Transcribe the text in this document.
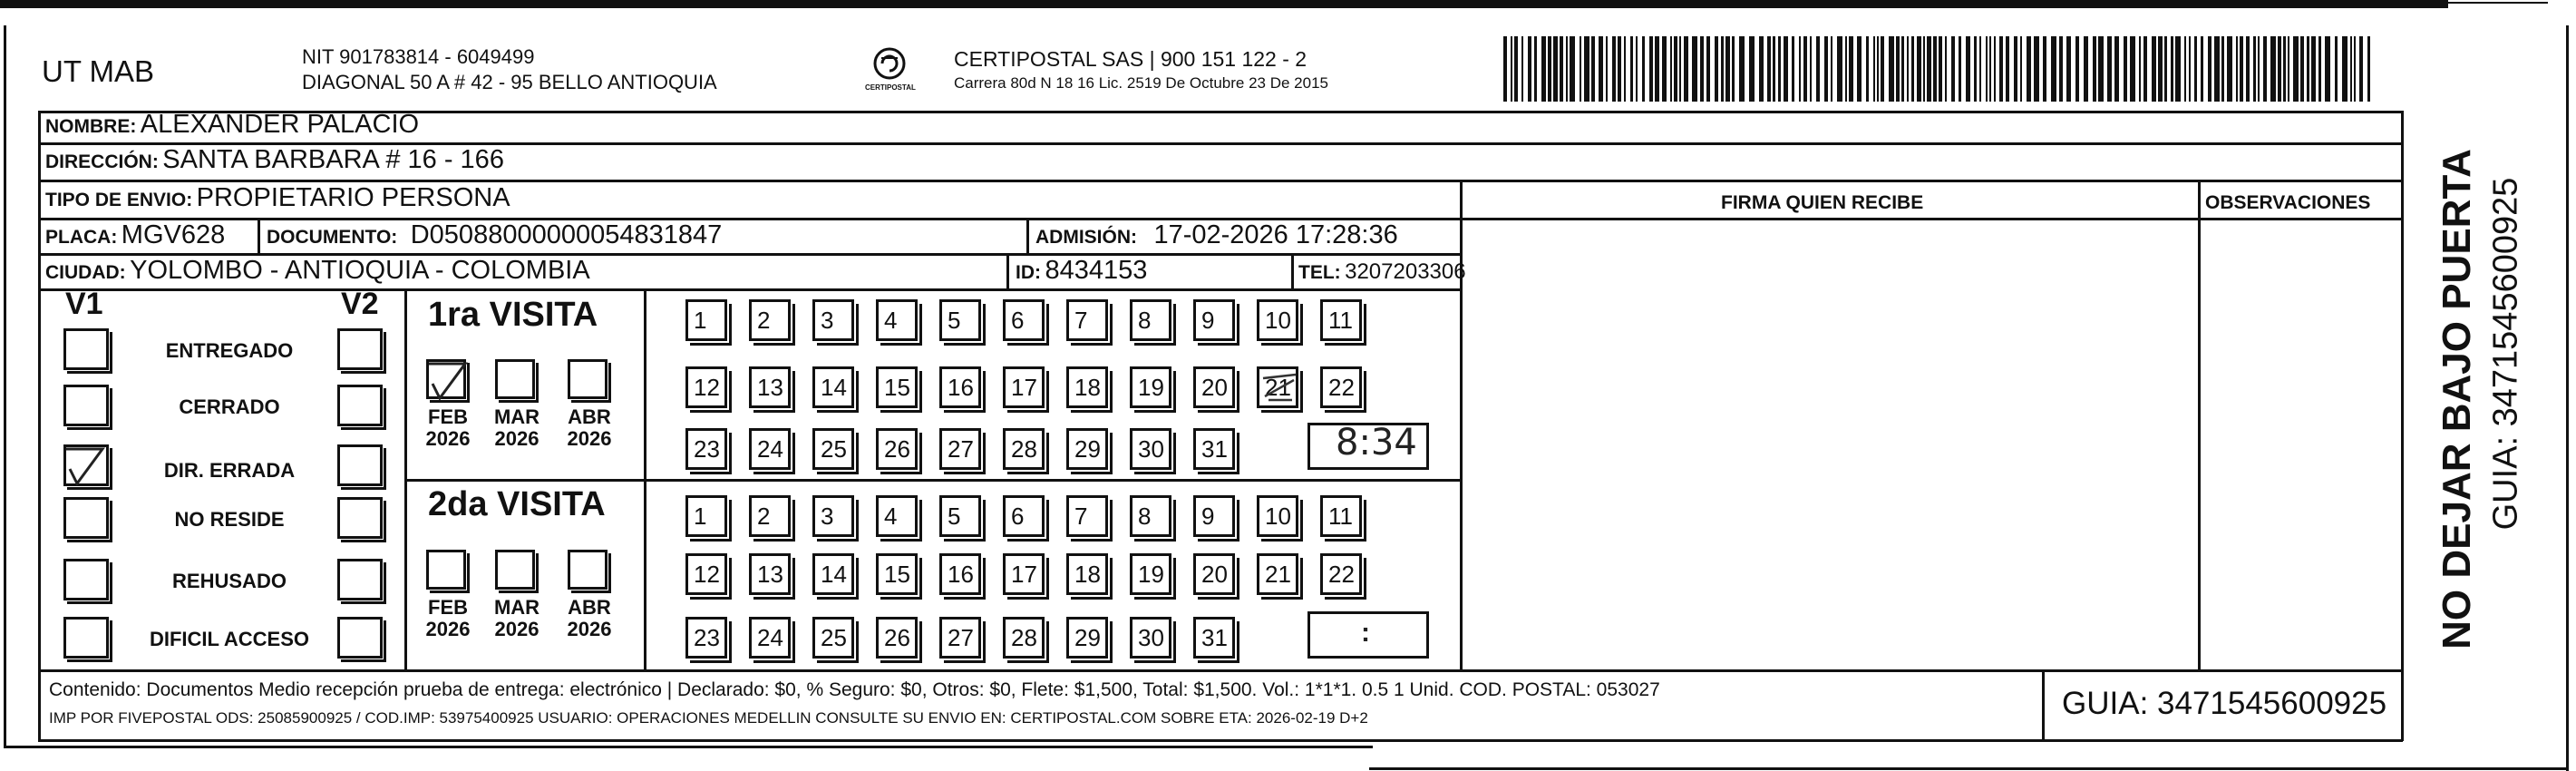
UT MAB	NIT 901783814 - 6049499
DIAGONAL 50 A # 42 - 95 BELLO ANTIOQUIA	CERTIPOSTAL
CERTIPOSTAL SAS | 900 151 122 - 2
Carrera 80d N 18 16 Lic. 2519 De Octubre 23 De 2015
NOMBRE: ALEXANDER PALACIO
DIRECCIÓN: SANTA BARBARA # 16 - 166
TIPO DE ENVIO: PROPIETARIO PERSONA
PLACA: MGV628 DOCUMENTO: D05088000000054831847	ADMISIÓN: 17-02-2026 17:28:36
CIUDAD: YOLOMBO - ANTIOQUIA - COLOMBIA	ID: 8434153	TEL: 3207203306
FIRMA QUIEN RECIBE	OBSERVACIONES
V1	V2
ENTREGADO
CERRADO
DIR. ERRADA
NO RESIDE
REHUSADO
DIFICIL ACCESO
1ra VISITA
FEB
2026
MAR
2026
ABR
2026
1	2	3	4	5	6	7	8	9	10	11
12	13	14	15	16	17	18	19	20	21	22
23	24	25	26	27	28	29	30	31	8:34
2da VISITA
FEB
2026
MAR
2026
ABR
2026
1	2	3	4	5	6	7	8	9	10	11
12	13	14	15	16	17	18	19	20	21	22
23	24	25	26	27	28	29	30	31	:
Contenido: Documentos Medio recepción prueba de entrega: electrónico | Declarado: $0, % Seguro: $0, Otros: $0, Flete: $1,500, Total: $1,500. Vol.: 1*1*1. 0.5 1 Unid. COD. POSTAL: 053027
IMP POR FIVEPOSTAL ODS: 25085900925 / COD.IMP: 53975400925 USUARIO: OPERACIONES MEDELLIN CONSULTE SU ENVIO EN: CERTIPOSTAL.COM SOBRE ETA: 2026-02-19 D+2	GUIA: 3471545600925
NO DEJAR BAJO PUERTA GUIA: 3471545600925
